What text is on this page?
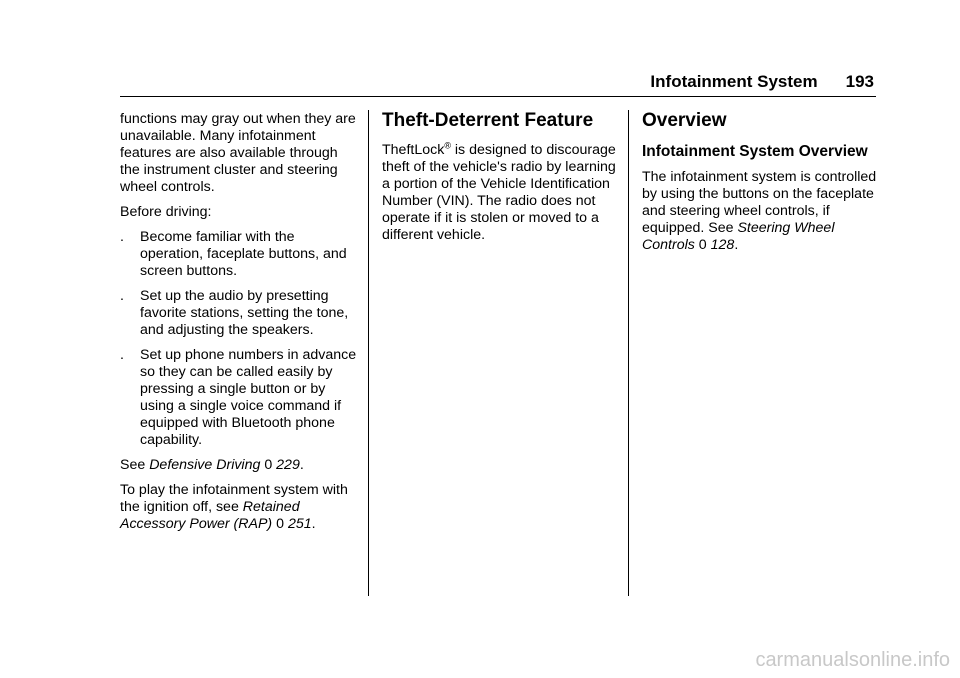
Infotainment System 193

functions may gray out when they are unavailable. Many infotainment features are also available through the instrument cluster and steering wheel controls.

Before driving:

.	Become familiar with the operation, faceplate buttons, and screen buttons.
.	Set up the audio by presetting favorite stations, setting the tone, and adjusting the speakers.
.	Set up phone numbers in advance so they can be called easily by pressing a single button or by using a single voice command if equipped with Bluetooth phone capability.

See Defensive Driving 0 229.

To play the infotainment system with the ignition off, see Retained Accessory Power (RAP) 0 251.

Theft-Deterrent Feature

TheftLock® is designed to discourage theft of the vehicle's radio by learning a portion of the Vehicle Identification Number (VIN). The radio does not operate if it is stolen or moved to a different vehicle.

Overview
Infotainment System Overview

The infotainment system is controlled by using the buttons on the faceplate and steering wheel controls, if equipped. See Steering Wheel Controls 0 128.

carmanualsonline.info
